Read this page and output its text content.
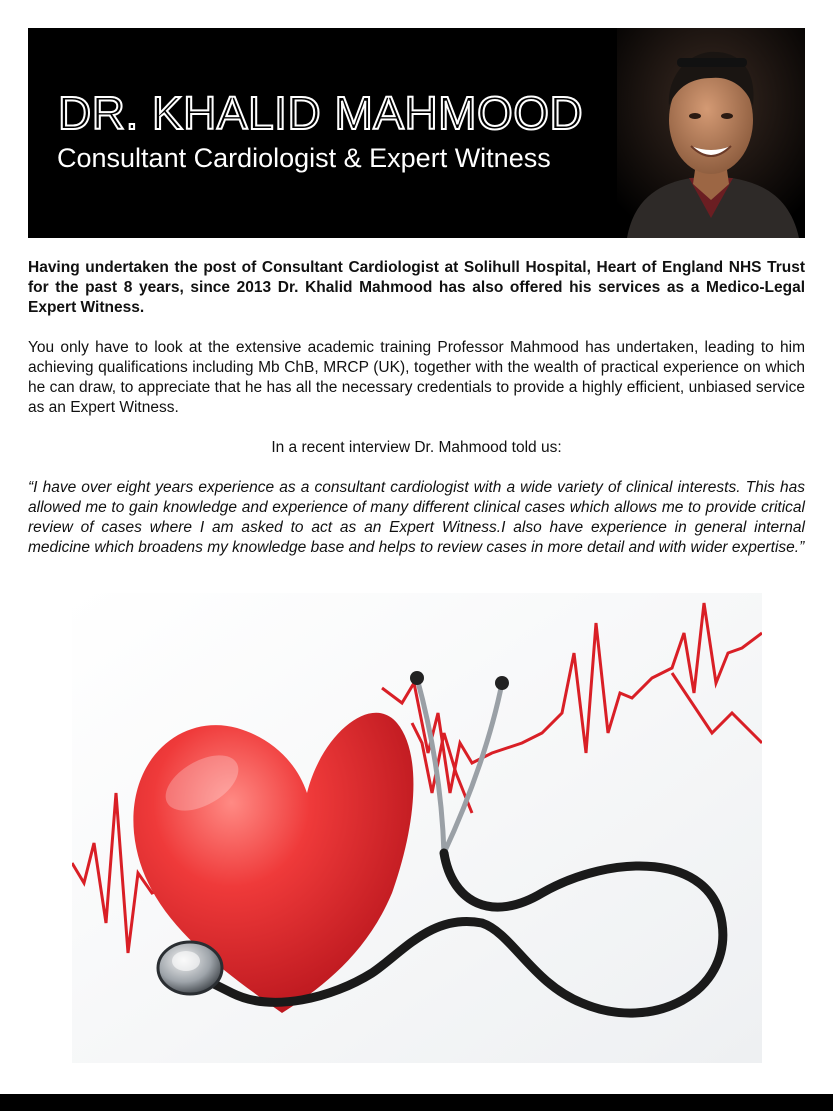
DR. KHALID MAHMOOD

Consultant Cardiologist & Expert Witness

Having undertaken the post of Consultant Cardiologist at Solihull Hospital, Heart of England NHS Trust for the past 8 years, since 2013 Dr. Khalid Mahmood has also offered his services as a Medico-Legal Expert Witness.

You only have to look at the extensive academic training Professor Mahmood has undertaken, leading to him achieving qualifications including Mb ChB, MRCP (UK), together with the wealth of practical experience on which he can draw, to appreciate that he has all the necessary credentials to provide a highly efficient, unbiased service as an Expert Witness.

In a recent interview Dr. Mahmood told us:

“I have over eight years experience as a consultant cardiologist with a wide variety of clinical interests. This has allowed me to gain knowledge and experience of many different clinical cases which allows me to provide critical review of cases where I am asked to act as an Expert Witness.I also have experience in general internal medicine which broadens my knowledge base and helps to review cases in more detail and with wider expertise.”
